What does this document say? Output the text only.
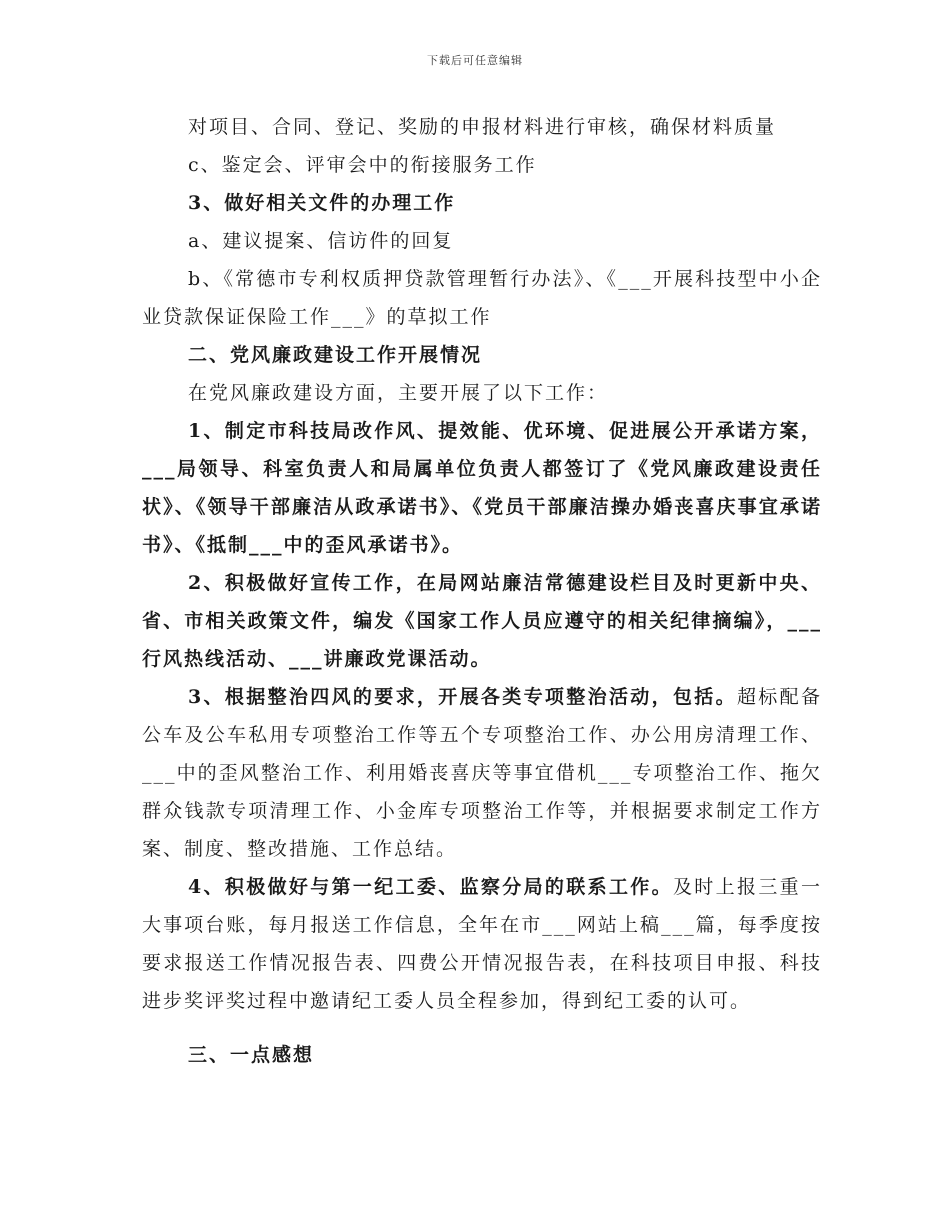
下载后可任意编辑

对项目、合同、登记、奖励的申报材料进行审核，确保材料质量

c、鉴定会、评审会中的衔接服务工作

3、做好相关文件的办理工作

a、建议提案、信访件的回复

b、《常德市专利权质押贷款管理暂行办法》、《___开展科技型中小企业贷款保证保险工作___》的草拟工作

二、党风廉政建设工作开展情况

在党风廉政建设方面，主要开展了以下工作：

1、制定市科技局改作风、提效能、优环境、促进展公开承诺方案，___局领导、科室负责人和局属单位负责人都签订了《党风廉政建设责任状》、《领导干部廉洁从政承诺书》、《党员干部廉洁操办婚丧喜庆事宜承诺书》、《抵制___中的歪风承诺书》。

2、积极做好宣传工作，在局网站廉洁常德建设栏目及时更新中央、省、市相关政策文件，编发《国家工作人员应遵守的相关纪律摘编》，___行风热线活动、___讲廉政党课活动。

3、根据整治四风的要求，开展各类专项整治活动，包括。超标配备公车及公车私用专项整治工作等五个专项整治工作、办公用房清理工作、___中的歪风整治工作、利用婚丧喜庆等事宜借机___专项整治工作、拖欠群众钱款专项清理工作、小金库专项整治工作等，并根据要求制定工作方案、制度、整改措施、工作总结。

4、积极做好与第一纪工委、监察分局的联系工作。及时上报三重一大事项台账，每月报送工作信息，全年在市___网站上稿___篇，每季度按要求报送工作情况报告表、四费公开情况报告表，在科技项目申报、科技进步奖评奖过程中邀请纪工委人员全程参加，得到纪工委的认可。

三、一点感想
